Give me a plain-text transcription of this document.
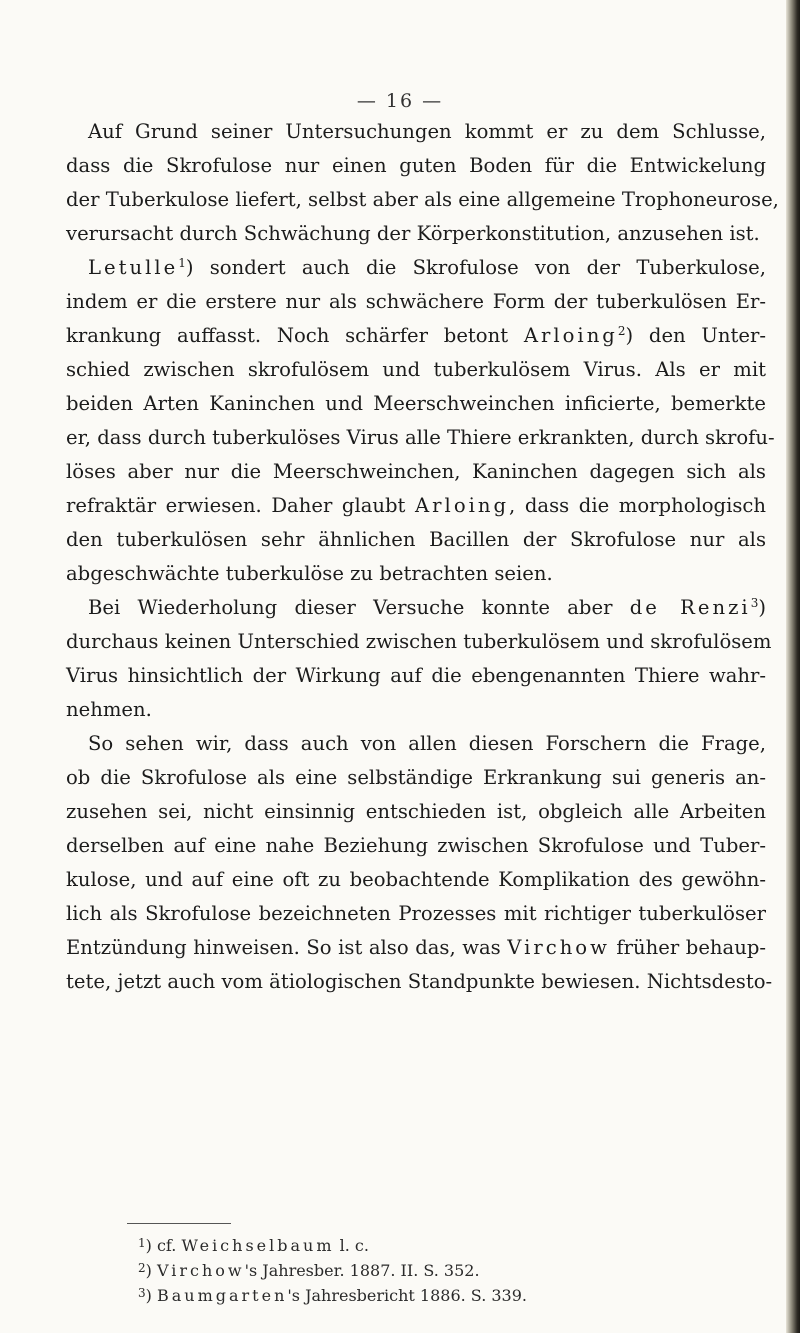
— 16 —
Auf Grund seiner Untersuchungen kommt er zu dem Schlusse,
dass die Skrofulose nur einen guten Boden für die Entwickelung
der Tuberkulose liefert, selbst aber als eine allgemeine Trophoneurose,
verursacht durch Schwächung der Körperkonstitution, anzusehen ist.
Letulle$^1$) sondert auch die Skrofulose von der Tuberkulose,
indem er die erstere nur als schwächere Form der tuberkulösen Er-
krankung auffasst. Noch schärfer betont Arloing$^2$) den Unter-
schied zwischen skrofulösem und tuberkulösem Virus. Als er mit
beiden Arten Kaninchen und Meerschweinchen inficierte, bemerkte
er, dass durch tuberkulöses Virus alle Thiere erkrankten, durch skrofu-
löses aber nur die Meerschweinchen, Kaninchen dagegen sich als
refraktär erwiesen. Daher glaubt Arloing, dass die morphologisch
den tuberkulösen sehr ähnlichen Bacillen der Skrofulose nur als
abgeschwächte tuberkulöse zu betrachten seien.
Bei Wiederholung dieser Versuche konnte aber de Renzi$^3$)
durchaus keinen Unterschied zwischen tuberkulösem und skrofulösem
Virus hinsichtlich der Wirkung auf die ebengenannten Thiere wahr-
nehmen.
So sehen wir, dass auch von allen diesen Forschern die Frage,
ob die Skrofulose als eine selbständige Erkrankung sui generis an-
zusehen sei, nicht einsinnig entschieden ist, obgleich alle Arbeiten
derselben auf eine nahe Beziehung zwischen Skrofulose und Tuber-
kulose, und auf eine oft zu beobachtende Komplikation des gewöhn-
lich als Skrofulose bezeichneten Prozesses mit richtiger tuberkulöser
Entzündung hinweisen. So ist also das, was Virchow früher behaup-
tete, jetzt auch vom ätiologischen Standpunkte bewiesen. Nichtsdesto-
$^1$) cf. Weichselbaum l. c.
$^2$) Virchow's Jahresber. 1887. II. S. 352.
$^3$) Baumgarten's Jahresbericht 1886. S. 339.
